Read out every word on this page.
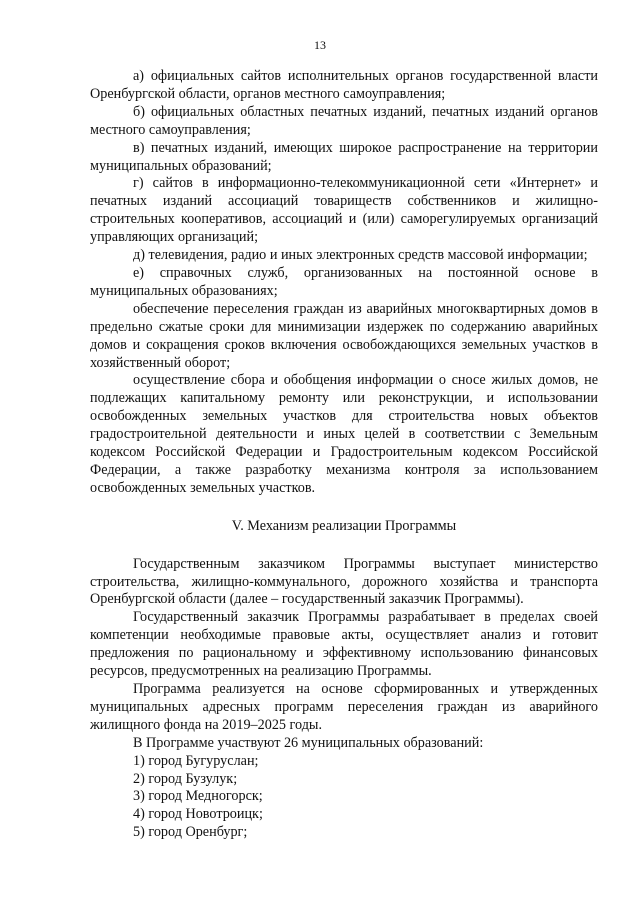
13

а) официальных сайтов исполнительных органов государственной власти Оренбургской области, органов местного самоуправления;

б) официальных областных печатных изданий, печатных изданий органов местного самоуправления;

в) печатных изданий, имеющих широкое распространение на территории муниципальных образований;

г) сайтов в информационно-телекоммуникационной сети «Интернет» и печатных изданий ассоциаций товариществ собственников и жилищно-строительных кооперативов, ассоциаций и (или) саморегулируемых организаций управляющих организаций;

д) телевидения, радио и иных электронных средств массовой информации;

е) справочных служб, организованных на постоянной основе в муниципальных образованиях;

обеспечение переселения граждан из аварийных многоквартирных домов в предельно сжатые сроки для минимизации издержек по содержанию аварийных домов и сокращения сроков включения освобождающихся земельных участков в хозяйственный оборот;

осуществление сбора и обобщения информации о сносе жилых домов, не подлежащих капитальному ремонту или реконструкции, и использовании освобожденных земельных участков для строительства новых объектов градостроительной деятельности и иных целей в соответствии с Земельным кодексом Российской Федерации и Градостроительным кодексом Российской Федерации, а также разработку механизма контроля за использованием освобожденных земельных участков.

V. Механизм реализации Программы

Государственным заказчиком Программы выступает министерство строительства, жилищно-коммунального, дорожного хозяйства и транспорта Оренбургской области (далее – государственный заказчик Программы).

Государственный заказчик Программы разрабатывает в пределах своей компетенции необходимые правовые акты, осуществляет анализ и готовит предложения по рациональному и эффективному использованию финансовых ресурсов, предусмотренных на реализацию Программы.

Программа реализуется на основе сформированных и утвержденных муниципальных адресных программ переселения граждан из аварийного жилищного фонда на 2019–2025 годы.

В Программе участвуют 26 муниципальных образований:

1) город Бугуруслан;

2) город Бузулук;

3) город Медногорск;

4) город Новотроицк;

5) город Оренбург;
